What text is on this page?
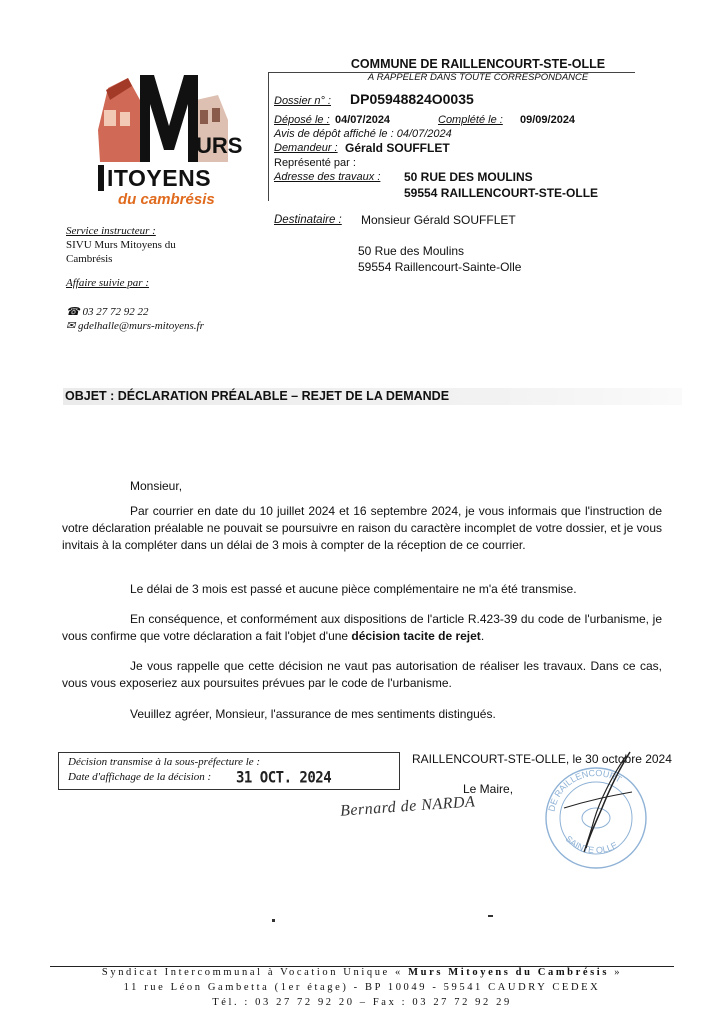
URS
ITOYENS
du cambrésis
COMMUNE DE RAILLENCOURT-STE-OLLE
À RAPPELER DANS TOUTE CORRESPONDANCE
Dossier n° : DP05948824O0035
Déposé le : 04/07/2024	Complété le : 09/09/2024
Avis de dépôt affiché le : 04/07/2024
Demandeur : Gérald SOUFFLET
Représenté par :
Adresse des travaux : 50 RUE DES MOULINS
59554 RAILLENCOURT-STE-OLLE
Service instructeur :
SIVU Murs Mitoyens du
Cambrésis
Affaire suivie par :
☎ 03 27 72 92 22
✉ gdelhalle@murs-mitoyens.fr
Destinataire : Monsieur Gérald SOUFFLET
50 Rue des Moulins
59554 Raillencourt-Sainte-Olle
OBJET : DÉCLARATION PRÉALABLE – REJET DE LA DEMANDE
Monsieur,
Par courrier en date du 10 juillet 2024 et 16 septembre 2024, je vous informais que l'instruction de votre déclaration préalable ne pouvait se poursuivre en raison du caractère incomplet de votre dossier, et je vous invitais à la compléter dans un délai de 3 mois à compter de la réception de ce courrier.
Le délai de 3 mois est passé et aucune pièce complémentaire ne m'a été transmise.
En conséquence, et conformément aux dispositions de l'article R.423-39 du code de l'urbanisme, je vous confirme que votre déclaration a fait l'objet d'une décision tacite de rejet.
Je vous rappelle que cette décision ne vaut pas autorisation de réaliser les travaux. Dans ce cas, vous vous exposeriez aux poursuites prévues par le code de l'urbanisme.
Veuillez agréer, Monsieur, l'assurance de mes sentiments distingués.
Décision transmise à la sous-préfecture le :
Date d'affichage de la décision : 31 OCT. 2024
RAILLENCOURT-STE-OLLE, le 30 octobre 2024
Le Maire,
Bernard de NARDA	DE RAILLENCOURT
SAINTE OLLE
Syndicat Intercommunal à Vocation Unique « Murs Mitoyens du Cambrésis »
11 rue Léon Gambetta (1er étage) - BP 10049 - 59541 CAUDRY CEDEX
Tél. : 03 27 72 92 20 – Fax : 03 27 72 92 29
